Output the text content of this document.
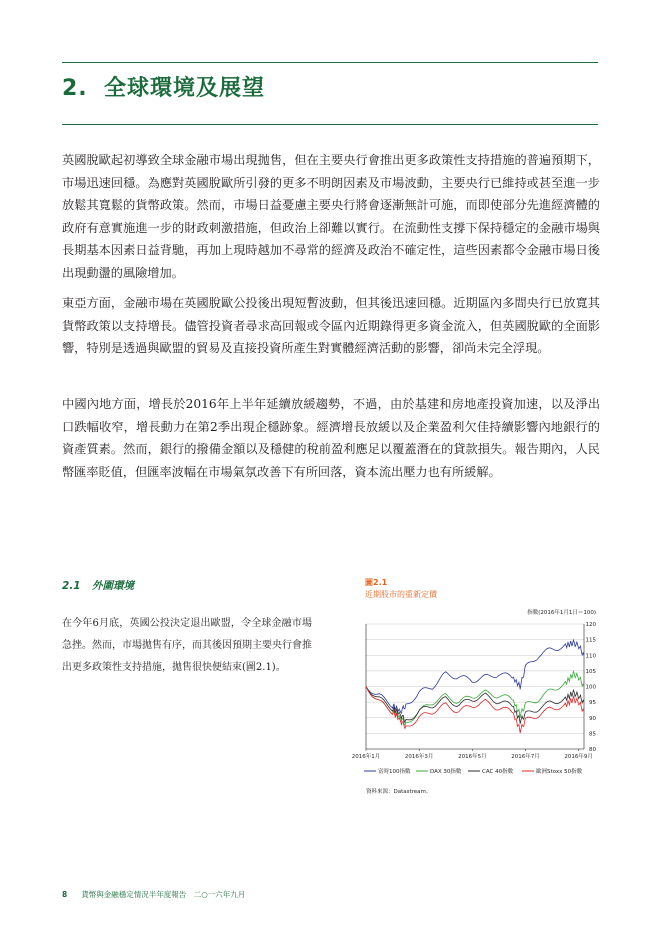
2. 全球環境及展望

英國脫歐起初導致全球金融市場出現拋售，但在主要央行會推出更多政策性支持措施的普遍預期下，市場迅速回穩。為應對英國脫歐所引發的更多不明朗因素及市場波動，主要央行已維持或甚至進一步放鬆其寬鬆的貨幣政策。然而，市場日益憂慮主要央行將會逐漸無計可施，而即使部分先進經濟體的政府有意實施進一步的財政刺激措施，但政治上卻難以實行。在流動性支撐下保持穩定的金融市場與長期基本因素日益背馳，再加上現時越加不尋常的經濟及政治不確定性，這些因素都令金融市場日後出現動盪的風險增加。

東亞方面，金融市場在英國脫歐公投後出現短暫波動，但其後迅速回穩。近期區內多間央行已放寬其貨幣政策以支持增長。儘管投資者尋求高回報或令區內近期錄得更多資金流入，但英國脫歐的全面影響，特別是透過與歐盟的貿易及直接投資所產生對實體經濟活動的影響，卻尚未完全浮現。

中國內地方面，增長於2016年上半年延續放緩趨勢，不過，由於基建和房地產投資加速，以及淨出口跌幅收窄，增長動力在第2季出現企穩跡象。經濟增長放緩以及企業盈利欠佳持續影響內地銀行的資產質素。然而，銀行的撥備金額以及穩健的稅前盈利應足以覆蓋潛在的貸款損失。報告期內，人民幣匯率貶值，但匯率波幅在市場氣氛改善下有所回落，資本流出壓力也有所緩解。

2.1 外圍環境

在今年6月底，英國公投決定退出歐盟，令全球金融市場急挫。然而，市場拋售有序，而其後因預期主要央行會推出更多政策性支持措施，拋售很快便結束(圖2.1)。

圖2.1
近期股市的重新定價
指數(2016年1月1日＝100)
80
85
90
95
100
105
110
115
120
2016年1月	2016年3月	2016年5月	2016年7月	2016年9月
富時100指數	DAX 30指數	CAC 40指數	歐洲Stoxx 50指數
資料來源：Datastream。
8 貨幣與金融穩定情況半年度報告　二○一六年九月
